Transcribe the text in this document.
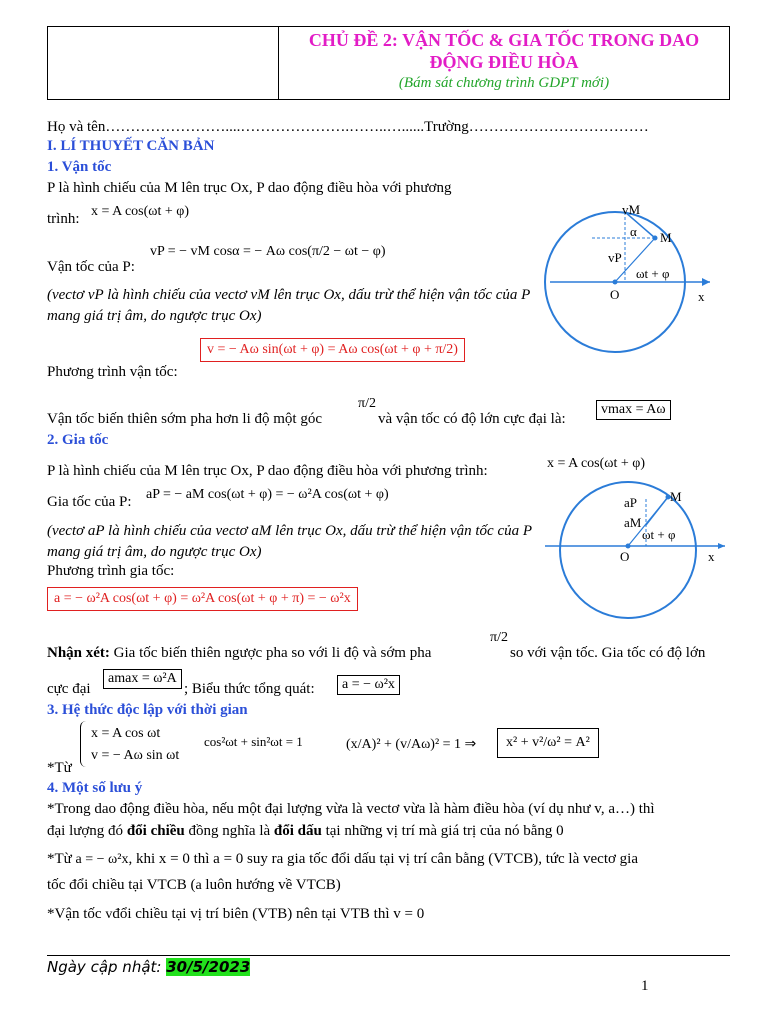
CHỦ ĐỀ 2: VẬN TỐC & GIA TỐC TRONG DAO
ĐỘNG ĐIỀU HÒA
(Bám sát chương trình GDPT mới)
Họ và tên……………………....………………….……..…......Trường………………………………
I. LÍ THUYẾT CĂN BẢN
1. Vận tốc
P là hình chiếu của M lên trục Ox, P dao động điều hòa với phương
trình: x = A cos(ωt + φ)
vP = − vM cosα = − Aω cos(π/2 − ωt − φ)
Vận tốc của P:
(vectơ vP là hình chiếu của vectơ vM lên trục Ox, dấu trừ thể hiện vận tốc của P mang giá trị âm, do ngược trục Ox)
Phương trình vận tốc:
v = − Aω sin(ωt + φ) = Aω cos(ωt + φ + π/2)
Vận tốc biến thiên sớm pha hơn li độ một góc
π/2
và vận tốc có độ lớn cực đại là:
vmax = Aω
vM
α M
vP
ωt + φ
O	x
2. Gia tốc
P là hình chiếu của M lên trục Ox, P dao động điều hòa với phương trình:	x = A cos(ωt + φ)
Gia tốc của P: aP = − aM cos(ωt + φ) = − ω²A cos(ωt + φ)
(vectơ aP là hình chiếu của vectơ aM lên trục Ox, dấu trừ thể hiện vận tốc của P mang giá trị âm, do ngược trục Ox)
Phương trình gia tốc:
a = − ω²A cos(ωt + φ) = ω²A cos(ωt + φ + π) = − ω²x
aP	M
aM
ωt + φ
O	x
Nhận xét: Gia tốc biến thiên ngược pha so với li độ và sớm pha
π/2
so với vận tốc. Gia tốc có độ lớn
cực đại
amax = ω²A
; Biểu thức tổng quát:	a = − ω²x
3. Hệ thức độc lập với thời gian
*Từ
x = A cos ωt
v = − Aω sin ωt
cos²ωt + sin²ωt = 1	(x/A)² + (v/Aω)² = 1 ⇒	x² + v²/ω² = A²
4. Một số lưu ý
*Trong dao động điều hòa, nếu một đại lượng vừa là vectơ vừa là hàm điều hòa (ví dụ như v, a…) thì
đại lượng đó đổi chiều đồng nghĩa là đổi dấu tại những vị trí mà giá trị của nó bằng 0
*Từ a = − ω²x, khi x = 0 thì a = 0 suy ra gia tốc đổi dấu tại vị trí cân bằng (VTCB), tức là vectơ gia
tốc đổi chiều tại VTCB (a luôn hướng về VTCB)
*Vận tốc vđổi chiều tại vị trí biên (VTB) nên tại VTB thì v = 0
Ngày cập nhật: 30/5/2023
1
